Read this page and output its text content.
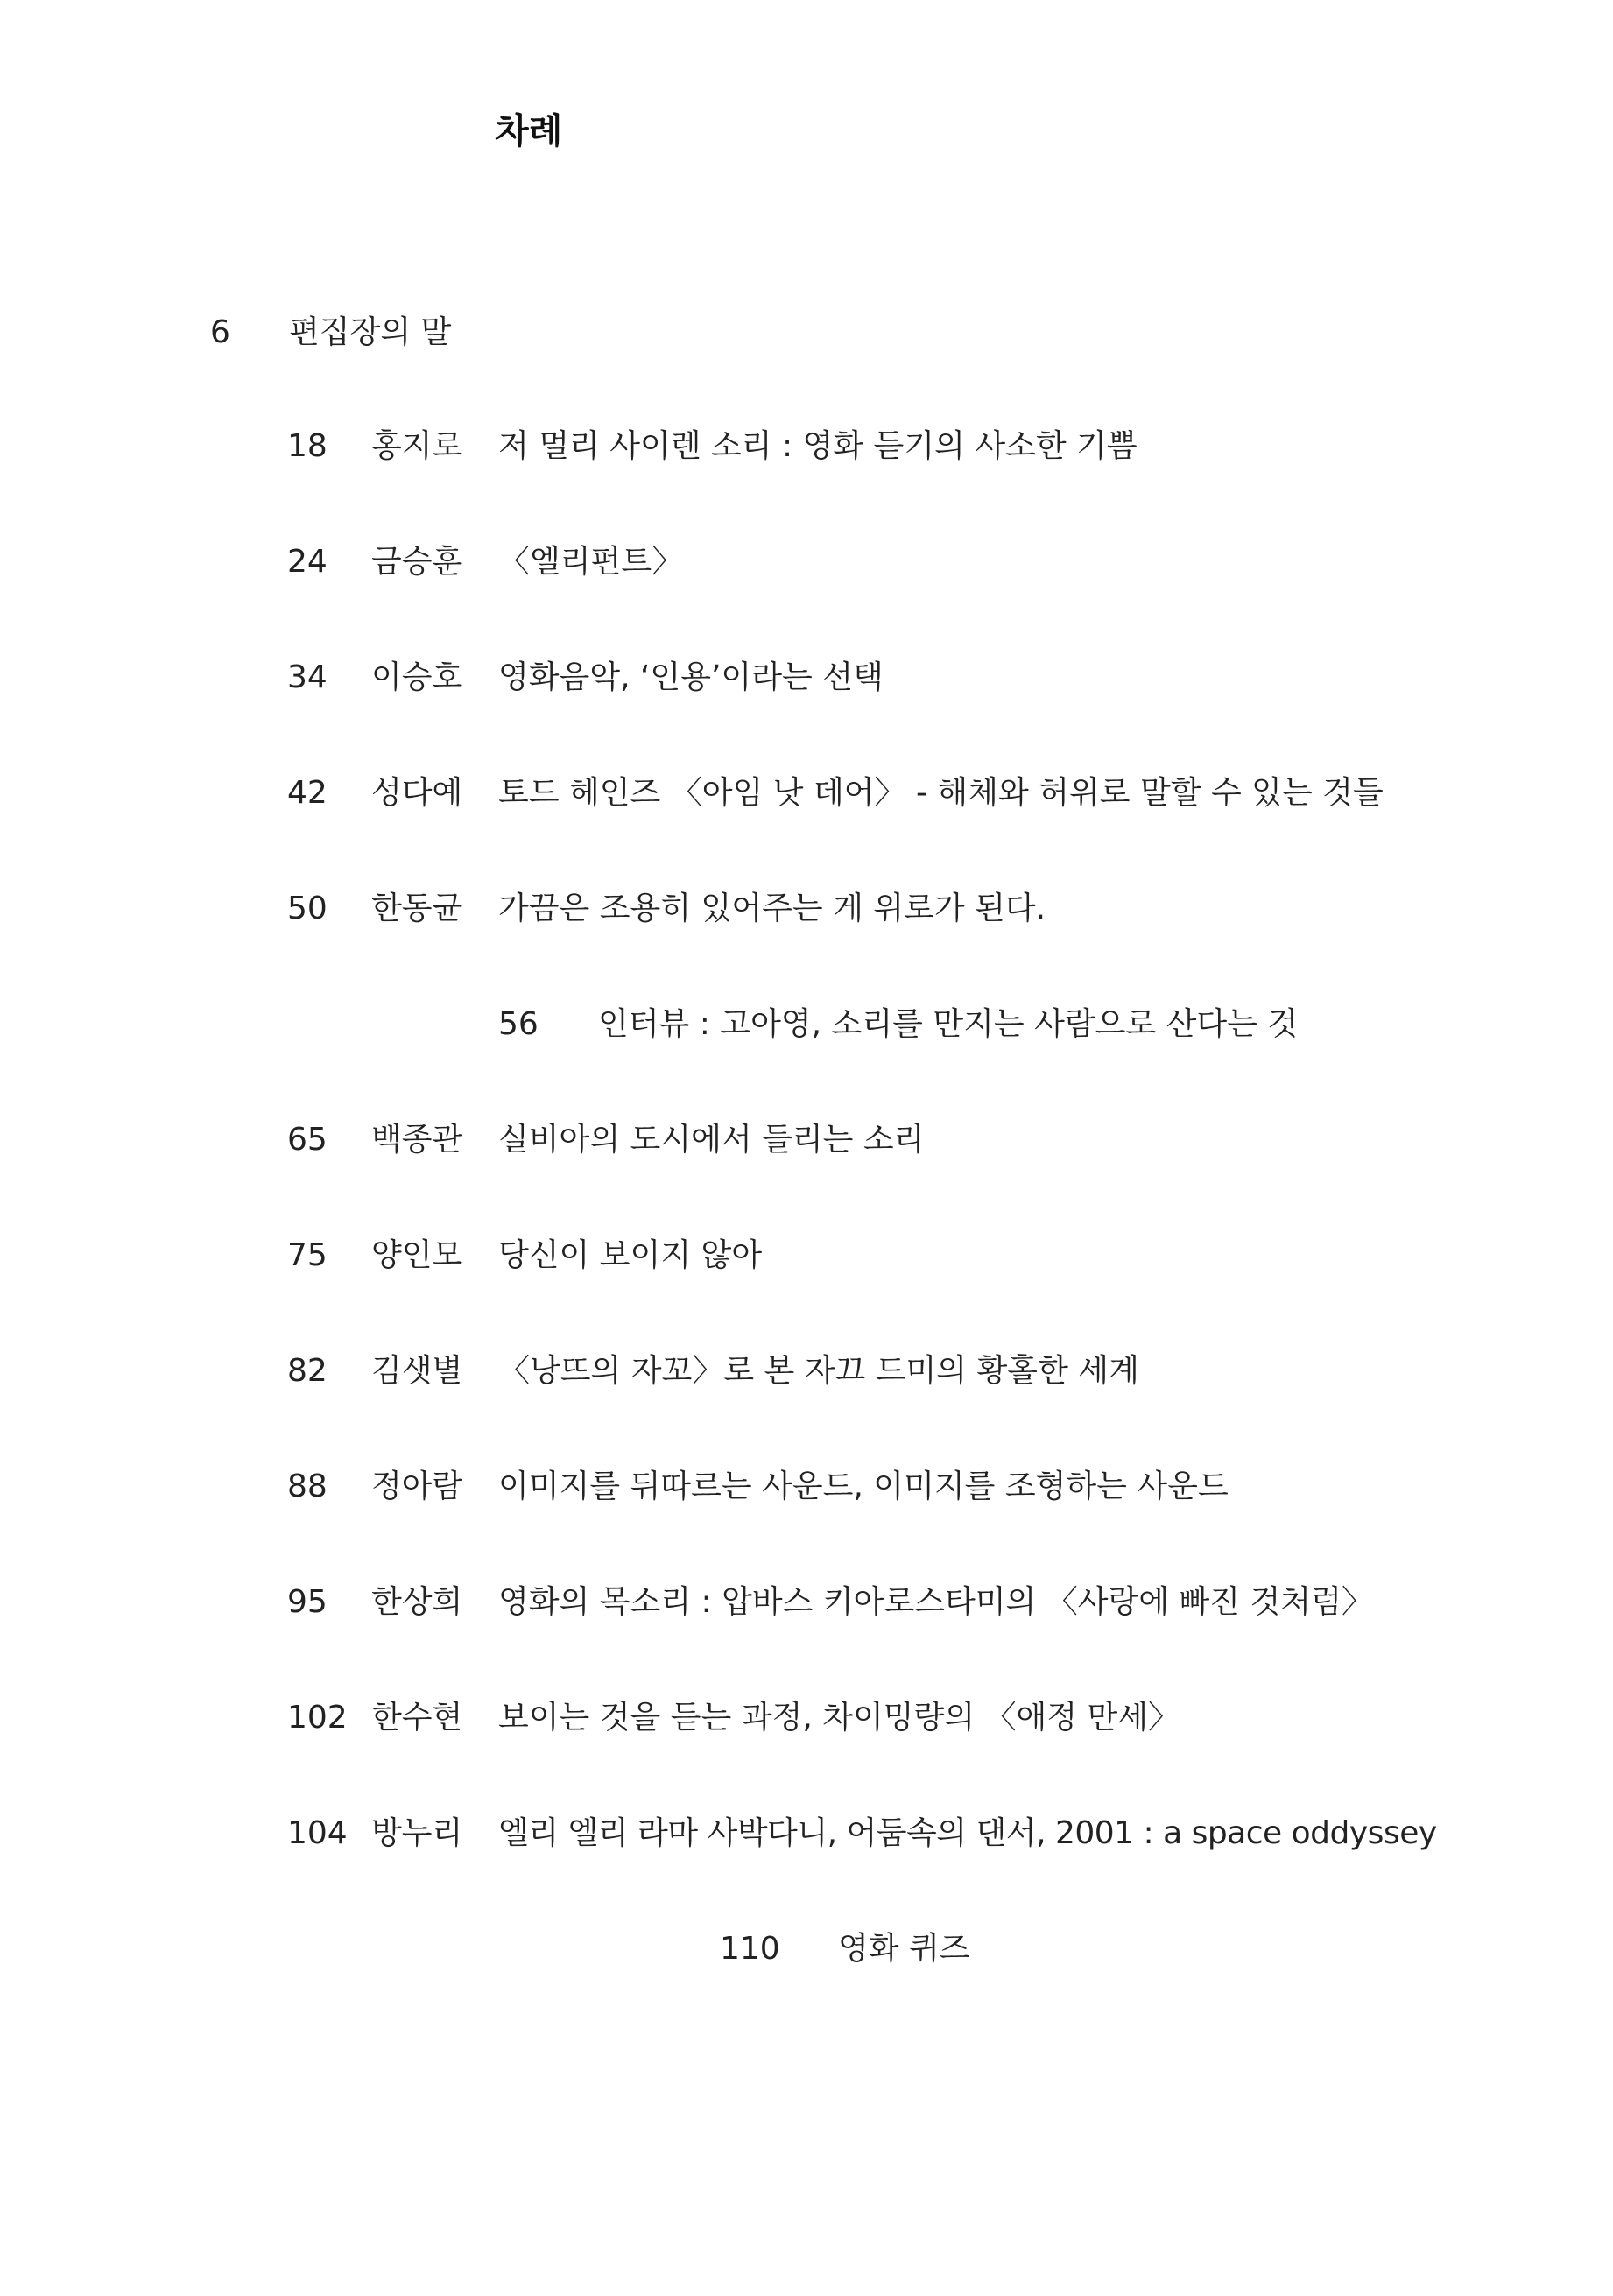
차례
6 편집장의 말
18 홍지로 저 멀리 사이렌 소리 : 영화 듣기의 사소한 기쁨
24 금승훈 〈엘리펀트〉
34 이승호 영화음악, ‘인용’이라는 선택
42 성다예 토드 헤인즈 〈아임 낫 데어〉 - 해체와 허위로 말할 수 있는 것들
50 한동균 가끔은 조용히 있어주는 게 위로가 된다.
56 인터뷰 : 고아영, 소리를 만지는 사람으로 산다는 것
65 백종관 실비아의 도시에서 들리는 소리
75 양인모 당신이 보이지 않아
82 김샛별 〈낭뜨의 자꼬〉로 본 자끄 드미의 황홀한 세계
88 정아람 이미지를 뒤따르는 사운드, 이미지를 조형하는 사운드
95 한상희 영화의 목소리 : 압바스 키아로스타미의 〈사랑에 빠진 것처럼〉
102 한수현 보이는 것을 듣는 과정, 차이밍량의 〈애정 만세〉
104 방누리 엘리 엘리 라마 사박다니, 어둠속의 댄서, 2001 : a space oddyssey
110 영화 퀴즈
